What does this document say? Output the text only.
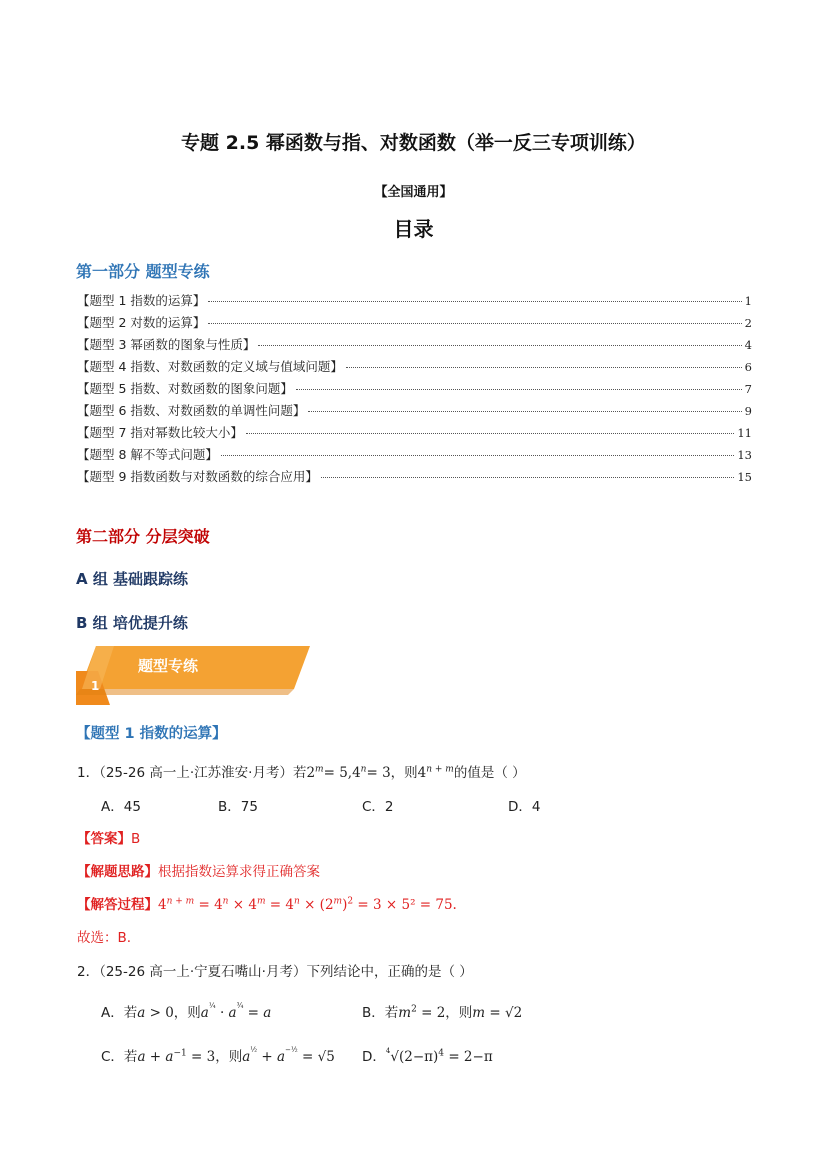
专题 2.5 幂函数与指、对数函数（举一反三专项训练）
【全国通用】
目录
第一部分 题型专练
【题型 1 指数的运算】	1
【题型 2 对数的运算】	2
【题型 3 幂函数的图象与性质】	4
【题型 4 指数、对数函数的定义域与值域问题】	6
【题型 5 指数、对数函数的图象问题】	7
【题型 6 指数、对数函数的单调性问题】	9
【题型 7 指对幂数比较大小】	11
【题型 8 解不等式问题】	13
【题型 9 指数函数与对数函数的综合应用】	15
第二部分 分层突破
A 组 基础跟踪练
B 组 培优提升练
题型专练
1
【题型 1 指数的运算】
1．（25-26 高一上·江苏淮安·月考）若$2^m= 5,4^n= 3$，则$4^{n + m}$的值是（ ）
A．45	B．75	C．2	D．4
【答案】B
【解题思路】根据指数运算求得正确答案
【解答过程】$4^{n + m} = 4^n \times 4^m = 4^n \times (2^m)^2 = 3 \times 5^2 = 75$.
故选：B.
2．（25-26 高一上·宁夏石嘴山·月考）下列结论中，正确的是（ ）
A．若a > 0，则$a^{\frac{1}{4}} \cdot a^{\frac{3}{4}} = a$	B．若$m^2 = 2$，则m = √2
C．若$a + a^{-1} = 3$，则$a^{\frac{1}{2}} + a^{-\frac{1}{2}} = √5$ D．$^4√(2-\pi)^4 = 2-\pi$
